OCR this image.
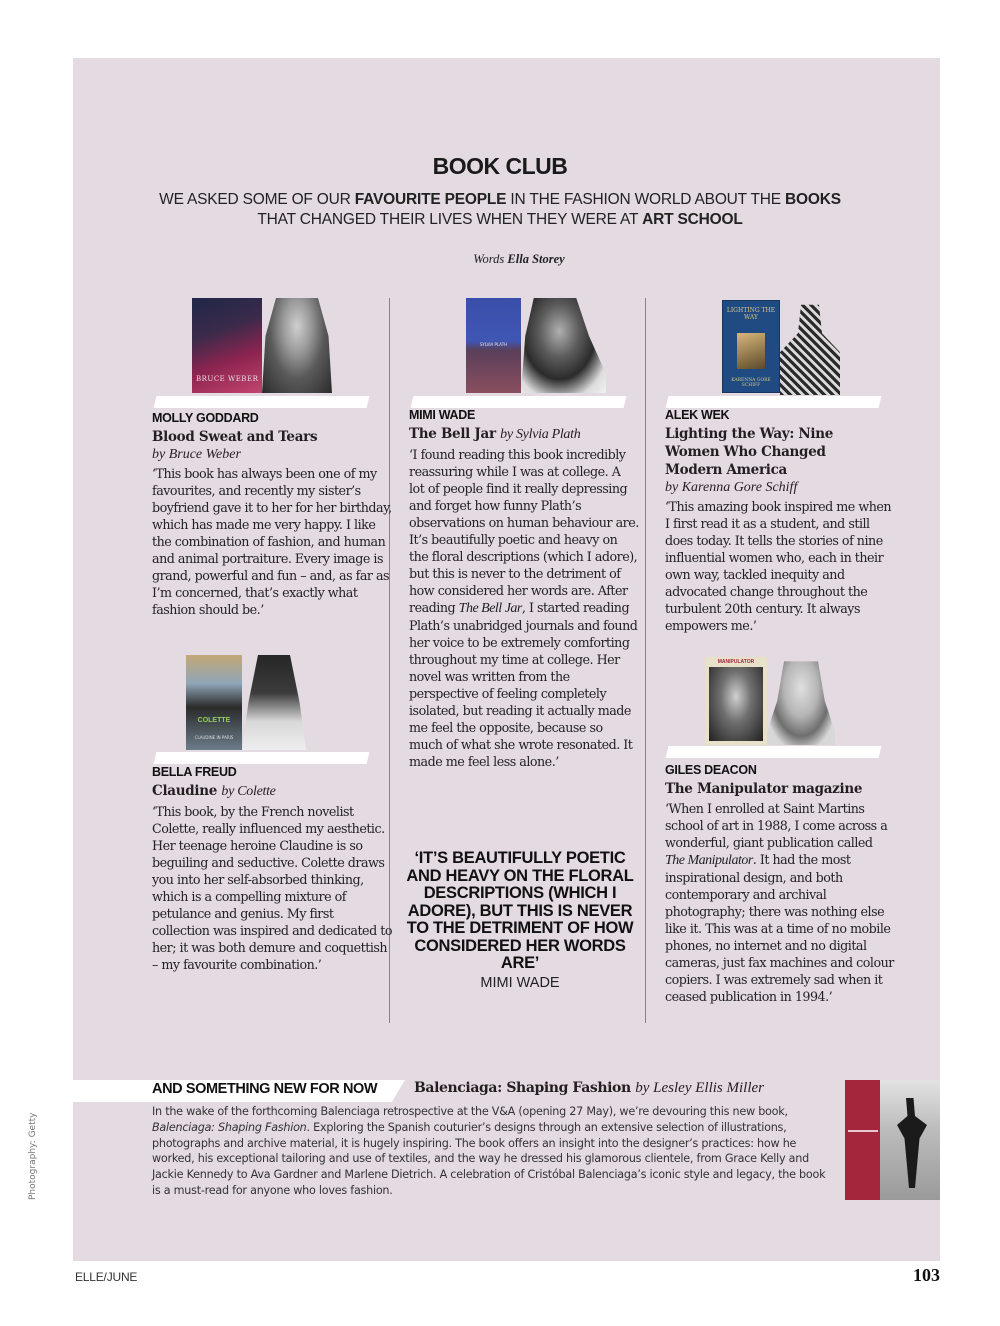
BOOK CLUB
WE ASKED SOME OF OUR FAVOURITE PEOPLE IN THE FASHION WORLD ABOUT THE BOOKS THAT CHANGED THEIR LIVES WHEN THEY WERE AT ART SCHOOL
Words Ella Storey
BRUCE WEBER
MOLLY GODDARD
Blood Sweat and Tears
by Bruce Weber
‘This book has always been one of my favourites, and recently my sister’s boyfriend gave it to her for her birthday, which has made me very happy. I like the combination of fashion, and human and animal portraiture. Every image is grand, powerful and fun – and, as far as I’m concerned, that’s exactly what fashion should be.’
COLETTE
CLAUDINE IN PARIS
BELLA FREUD
Claudine by Colette
‘This book, by the French novelist Colette, really influenced my aesthetic. Her teenage heroine Claudine is so beguiling and seductive. Colette draws you into her self-absorbed thinking, which is a compelling mixture of petulance and genius. My first collection was inspired and dedicated to her; it was both demure and coquettish – my favourite combination.’
SYLVIA PLATH
MIMI WADE
The Bell Jar by Sylvia Plath
‘I found reading this book incredibly reassuring while I was at college. A lot of people find it really depressing and forget how funny Plath’s observations on human behaviour are. It’s beautifully poetic and heavy on the floral descriptions (which I adore), but this is never to the detriment of how considered her words are. After reading The Bell Jar, I started reading Plath’s unabridged journals and found her voice to be extremely comforting throughout my time at college. Her novel was written from the perspective of feeling completely isolated, but reading it actually made me feel the opposite, because so much of what she wrote resonated. It made me feel less alone.’
‘IT’S BEAUTIFULLY POETIC AND HEAVY ON THE FLORAL DESCRIPTIONS (WHICH I ADORE), BUT THIS IS NEVER TO THE DETRIMENT OF HOW CONSIDERED HER WORDS ARE’
MIMI WADE
LIGHTING THE WAY
KARENNA GORE SCHIFF
ALEK WEK
Lighting the Way: Nine Women Who Changed Modern America
by Karenna Gore Schiff
‘This amazing book inspired me when I first read it as a student, and still does today. It tells the stories of nine influential women who, each in their own way, tackled inequity and advocated change throughout the turbulent 20th century. It always empowers me.’
MANIPULATOR
GILES DEACON
The Manipulator magazine
‘When I enrolled at Saint Martins school of art in 1988, I come across a wonderful, giant publication called The Manipulator. It had the most inspirational design, and both contemporary and archival photography; there was nothing else like it. This was at a time of no mobile phones, no internet and no digital cameras, just fax machines and colour copiers. I was extremely sad when it ceased publication in 1994.’
AND SOMETHING NEW FOR NOW	Balenciaga: Shaping Fashion by Lesley Ellis Miller
In the wake of the forthcoming Balenciaga retrospective at the V&A (opening 27 May), we’re devouring this new book, Balenciaga: Shaping Fashion. Exploring the Spanish couturier’s designs through an extensive selection of illustrations, photographs and archive material, it is hugely inspiring. The book offers an insight into the designer’s practices: how he worked, his exceptional tailoring and use of textiles, and the way he dressed his glamorous clientele, from Grace Kelly and Jackie Kennedy to Ava Gardner and Marlene Dietrich. A celebration of Cristóbal Balenciaga’s iconic style and legacy, the book is a must-read for anyone who loves fashion.
Photography: Getty
ELLE/JUNE	103
